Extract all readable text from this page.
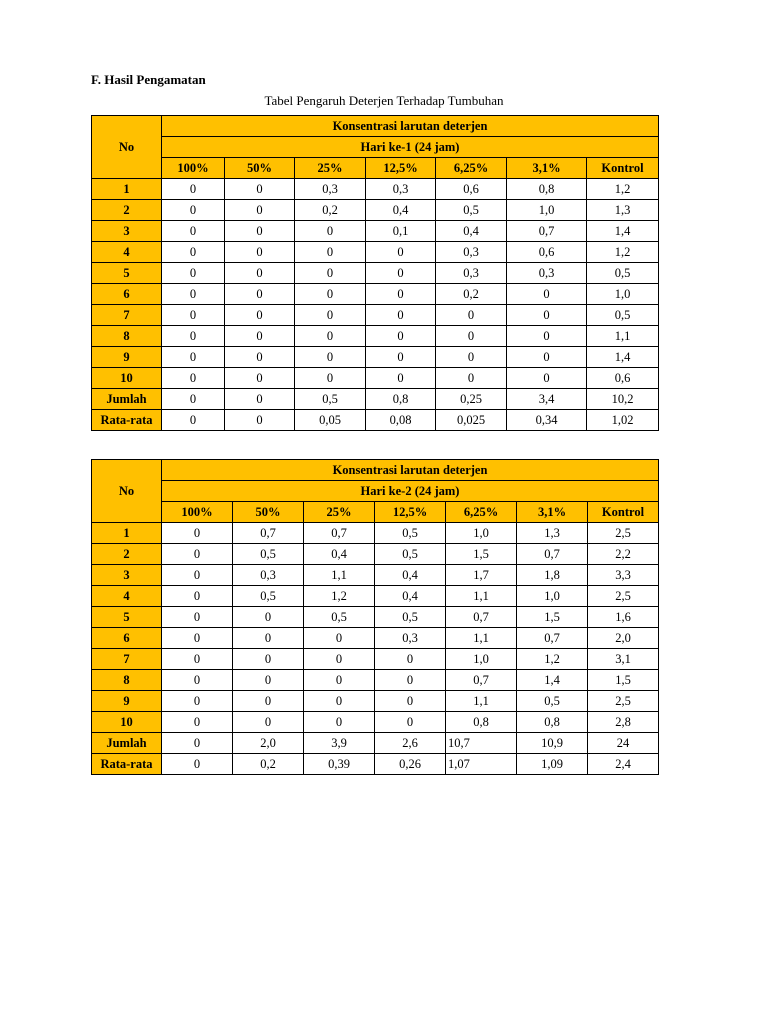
F. Hasil Pengamatan
Tabel Pengaruh Deterjen Terhadap Tumbuhan
No	Konsentrasi larutan deterjen						
	Hari ke-1 (24 jam)						
	100%	50%	25%	12,5%	6,25%	3,1%	Kontrol
1	0	0	0,3	0,3	0,6	0,8	1,2
2	0	0	0,2	0,4	0,5	1,0	1,3
3	0	0	0	0,1	0,4	0,7	1,4
4	0	0	0	0	0,3	0,6	1,2
5	0	0	0	0	0,3	0,3	0,5
6	0	0	0	0	0,2	0	1,0
7	0	0	0	0	0	0	0,5
8	0	0	0	0	0	0	1,1
9	0	0	0	0	0	0	1,4
10	0	0	0	0	0	0	0,6
Jumlah	0	0	0,5	0,8	0,25	3,4	10,2
Rata-rata	0	0	0,05	0,08	0,025	0,34	1,02
No	Konsentrasi larutan deterjen						
	Hari ke-2 (24 jam)						
	100%	50%	25%	12,5%	6,25%	3,1%	Kontrol
1	0	0,7	0,7	0,5	1,0	1,3	2,5
2	0	0,5	0,4	0,5	1,5	0,7	2,2
3	0	0,3	1,1	0,4	1,7	1,8	3,3
4	0	0,5	1,2	0,4	1,1	1,0	2,5
5	0	0	0,5	0,5	0,7	1,5	1,6
6	0	0	0	0,3	1,1	0,7	2,0
7	0	0	0	0	1,0	1,2	3,1
8	0	0	0	0	0,7	1,4	1,5
9	0	0	0	0	1,1	0,5	2,5
10	0	0	0	0	0,8	0,8	2,8
Jumlah	0	2,0	3,9	2,6	10,7	10,9	24
Rata-rata	0	0,2	0,39	0,26	1,07	1,09	2,4
